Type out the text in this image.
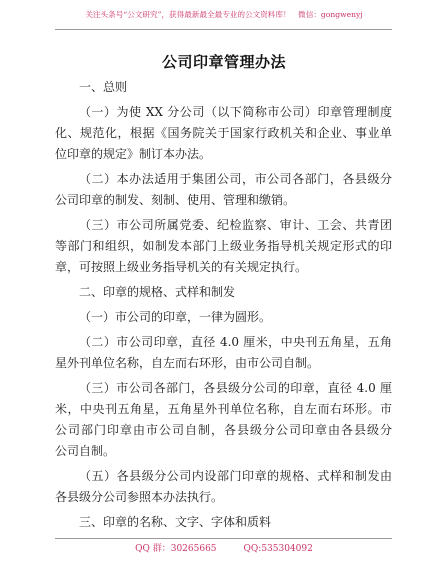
关注头条号“公文研究”，获得最新最全最专业的公文资料库！　微信：gongwenyj
公司印章管理办法
一、总则
（一）为使 XX 分公司（以下简称市公司）印章管理制度
化、规范化，根据《国务院关于国家行政机关和企业、事业单
位印章的规定》制订本办法。
（二）本办法适用于集团公司，市公司各部门，各县级分
公司印章的制发、刻制、使用、管理和缴销。
（三）市公司所属党委、纪检监察、审计、工会、共青团
等部门和组织，如制发本部门上级业务指导机关规定形式的印
章，可按照上级业务指导机关的有关规定执行。
二、印章的规格、式样和制发
（一）市公司的印章，一律为圆形。
（二）市公司印章，直径 4.0 厘米，中央刊五角星，五角
星外刊单位名称，自左而右环形，由市公司自制。
（三）市公司各部门，各县级分公司的印章，直径 4.0 厘
米，中央刊五角星，五角星外刊单位名称，自左而右环形。市
公司部门印章由市公司自制，各县级分公司印章由各县级分
公司自制。
（五）各县级分公司内设部门印章的规格、式样和制发由
各县级分公司参照本办法执行。
三、印章的名称、文字、字体和质料
QQ 群：30265665　　　QQ:535304092
